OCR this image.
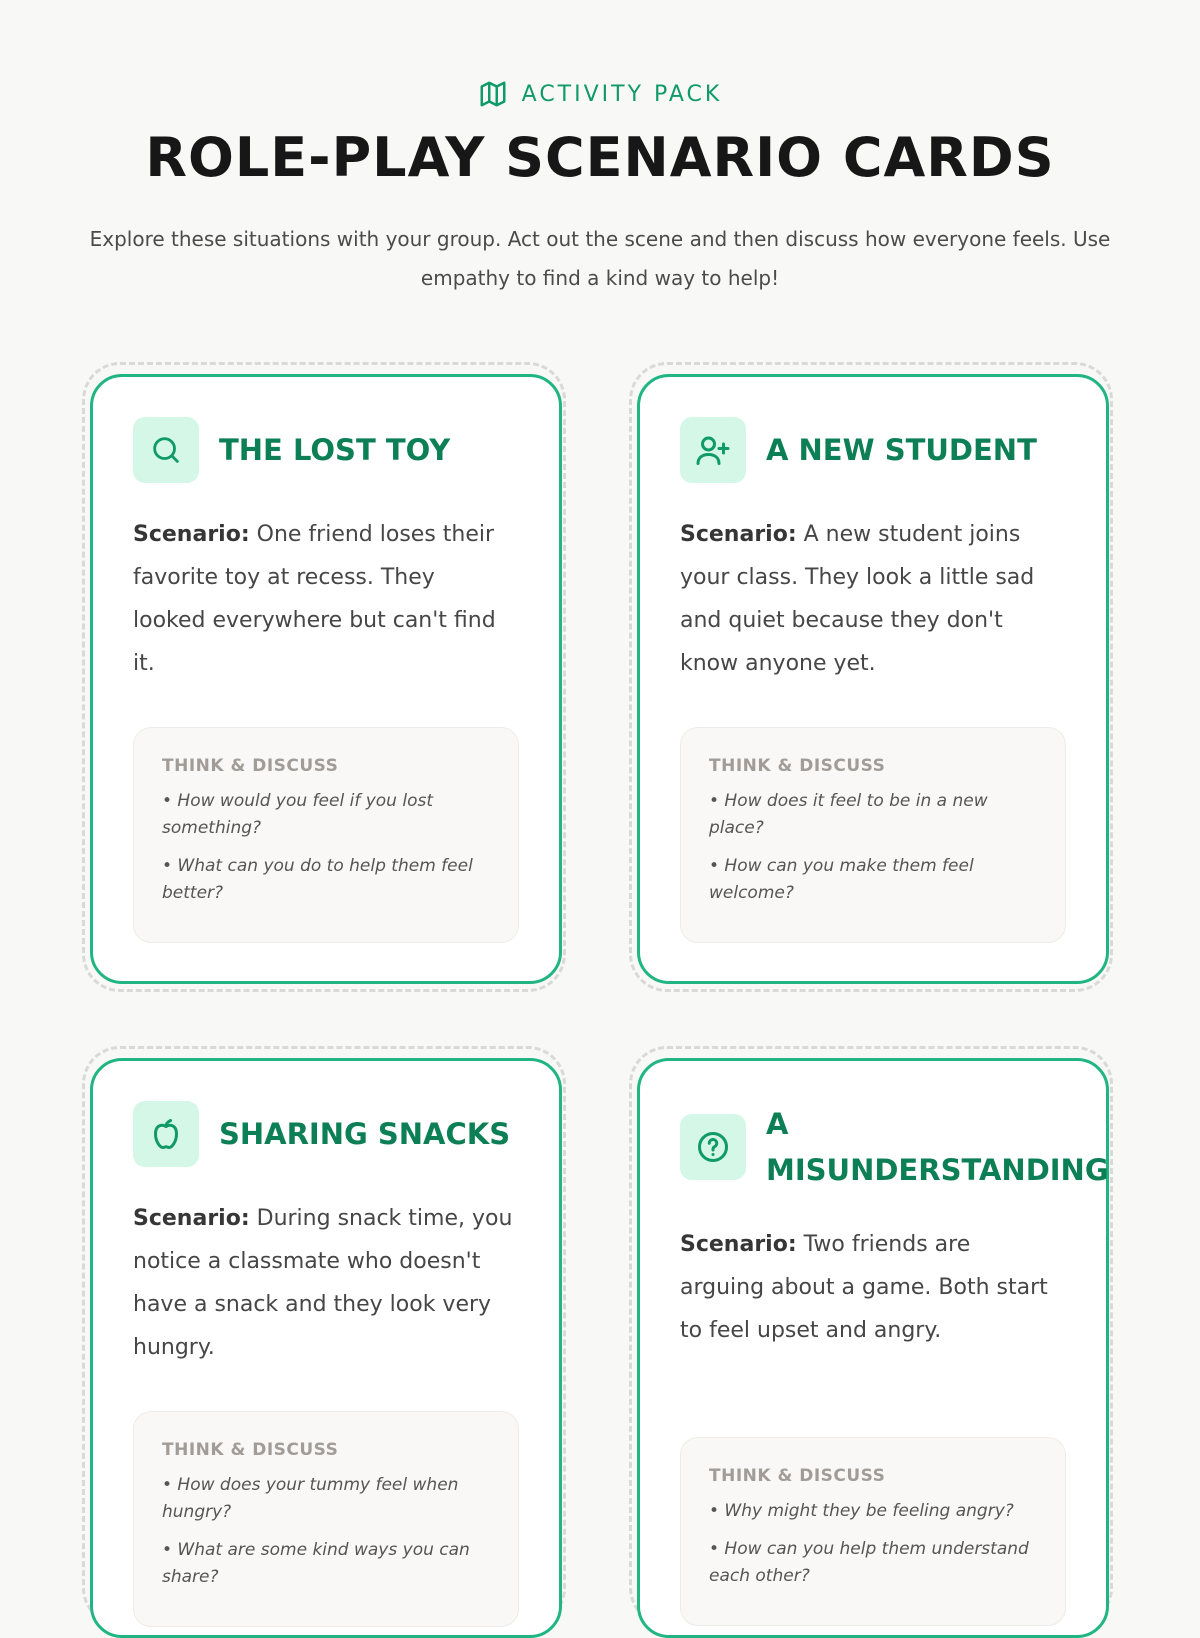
ACTIVITY PACK
ROLE-PLAY SCENARIO CARDS
Explore these situations with your group. Act out the scene and then discuss how everyone feels. Use empathy to find a kind way to help!
THE LOST TOY
Scenario: One friend loses their favorite toy at recess. They looked everywhere but can't find it.
THINK & DISCUSS
• How would you feel if you lost something?
• What can you do to help them feel better?
A NEW STUDENT
Scenario: A new student joins your class. They look a little sad and quiet because they don't know anyone yet.
THINK & DISCUSS
• How does it feel to be in a new place?
• How can you make them feel welcome?
SHARING SNACKS
Scenario: During snack time, you notice a classmate who doesn't have a snack and they look very hungry.
THINK & DISCUSS
• How does your tummy feel when hungry?
• What are some kind ways you can share?
A MISUNDERSTANDING
Scenario: Two friends are arguing about a game. Both start to feel upset and angry.
THINK & DISCUSS
• Why might they be feeling angry?
• How can you help them understand each other?
